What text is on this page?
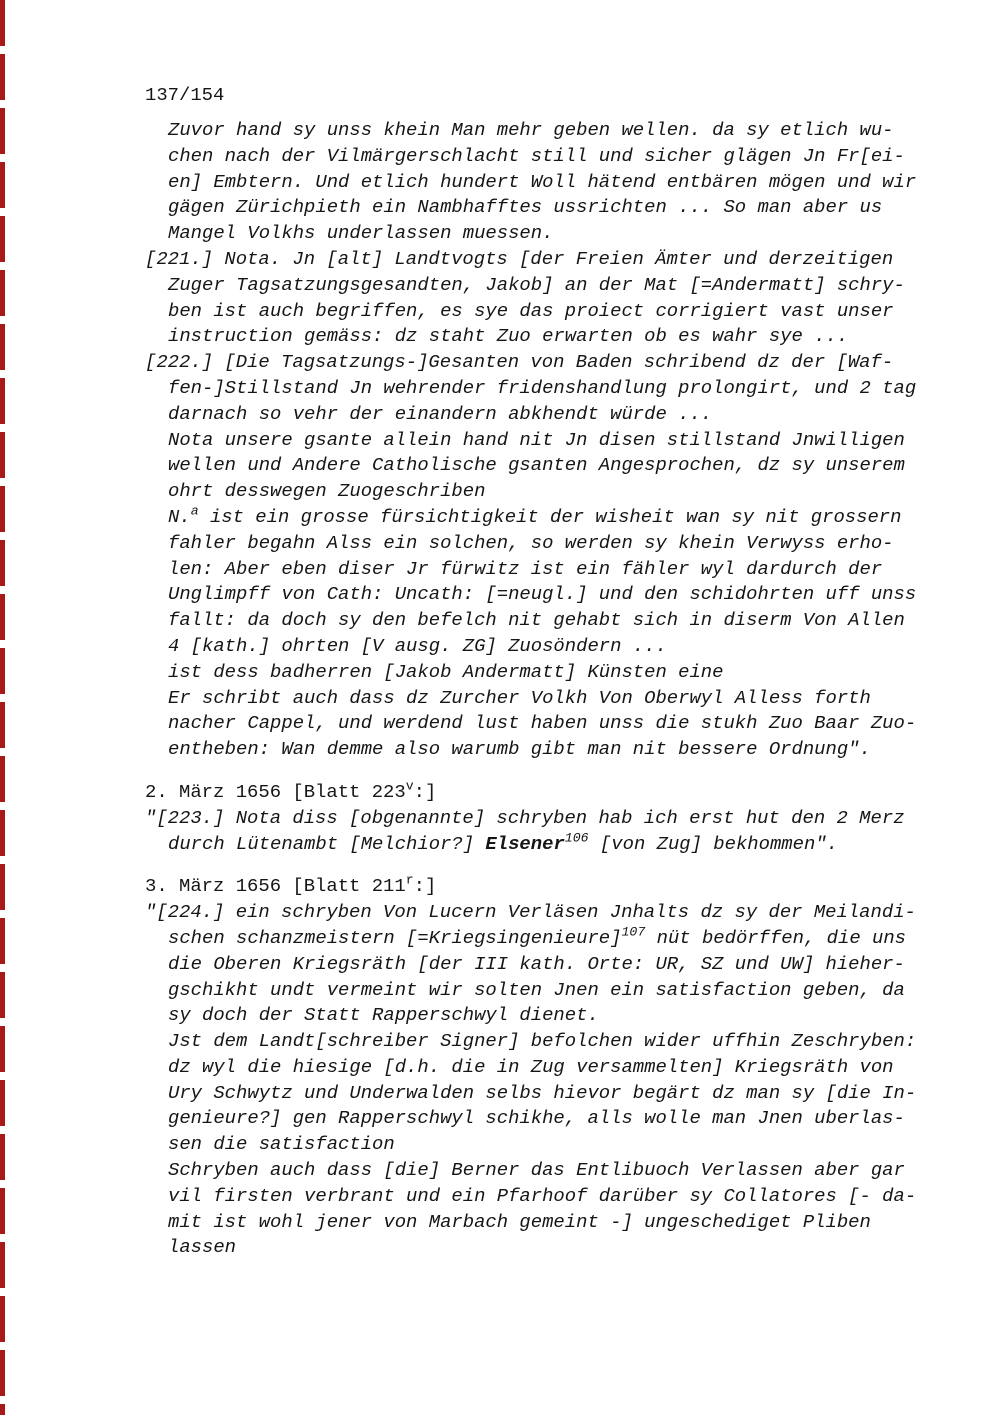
137/154
Zuvor hand sy unss khein Man mehr geben wellen. da sy etlich wu-
chen nach der Vilmärgerschlacht still und sicher glägen Jn Fr[ei-
en] Embtern. Und etlich hundert Woll hätend entbären mögen und wir
gägen Zürichpieth ein Nambhafftes ussrichten ... So man aber us
Mangel Volkhs underlassen muessen.
[221.] Nota. Jn [alt] Landtvogts [der Freien Ämter und derzeitigen
Zuger Tagsatzungsgesandten, Jakob] an der Mat [=Andermatt] schry-
ben ist auch begriffen, es sye das proiect corrigiert vast unser
instruction gemäss: dz staht Zuo erwarten ob es wahr sye ...
[222.] [Die Tagsatzungs-]Gesanten von Baden schribend dz der [Waf-
fen-]Stillstand Jn wehrender fridenshandlung prolongirt, und 2 tag
darnach so vehr der einandern abkhendt würde ...
Nota unsere gsante allein hand nit Jn disen stillstand Jnwilligen
wellen und Andere Catholische gsanten Angesprochen, dz sy unserem
ohrt desswegen Zuogeschriben
N.$^a$ ist ein grosse fürsichtigkeit der wisheit wan sy nit grossern
fahler begahn Alss ein solchen, so werden sy khein Verwyss erho-
len: Aber eben diser Jr fürwitz ist ein fähler wyl dardurch der
Unglimpff von Cath: Uncath: [=neugl.] und den schidohrten uff unss
fallt: da doch sy den befelch nit gehabt sich in diserm Von Allen
4 [kath.] ohrten [V ausg. ZG] Zuosöndern ...
ist dess badherren [Jakob Andermatt] Künsten eine
Er schribt auch dass dz Zurcher Volkh Von Oberwyl Alless forth
nacher Cappel, und werdend lust haben unss die stukh Zuo Baar Zuo-
entheben: Wan demme also warumb gibt man nit bessere Ordnung".
2. März 1656 [Blatt 223$^v$:]
"[223.] Nota diss [obgenannte] schryben hab ich erst hut den 2 Merz
durch Lütenambt [Melchior?] Elsener$^{106}$ [von Zug] bekhommen".
3. März 1656 [Blatt 211$^r$:]
"[224.] ein schryben Von Lucern Verläsen Jnhalts dz sy der Meilandi-
schen schanzmeistern [=Kriegsingenieure]$^{107}$ nüt bedörffen, die uns
die Oberen Kriegsräth [der III kath. Orte: UR, SZ und UW] hieher-
gschikht undt vermeint wir solten Jnen ein satisfaction geben, da
sy doch der Statt Rapperschwyl dienet.
Jst dem Landt[schreiber Signer] befolchen wider uffhin Zeschryben:
dz wyl die hiesige [d.h. die in Zug versammelten] Kriegsräth von
Ury Schwytz und Underwalden selbs hievor begärt dz man sy [die In-
genieure?] gen Rapperschwyl schikhe, alls wolle man Jnen uberlas-
sen die satisfaction
Schryben auch dass [die] Berner das Entlibuoch Verlassen aber gar
vil firsten verbrant und ein Pfarhoof darüber sy Collatores [- da-
mit ist wohl jener von Marbach gemeint -] ungeschediget Pliben
lassen
